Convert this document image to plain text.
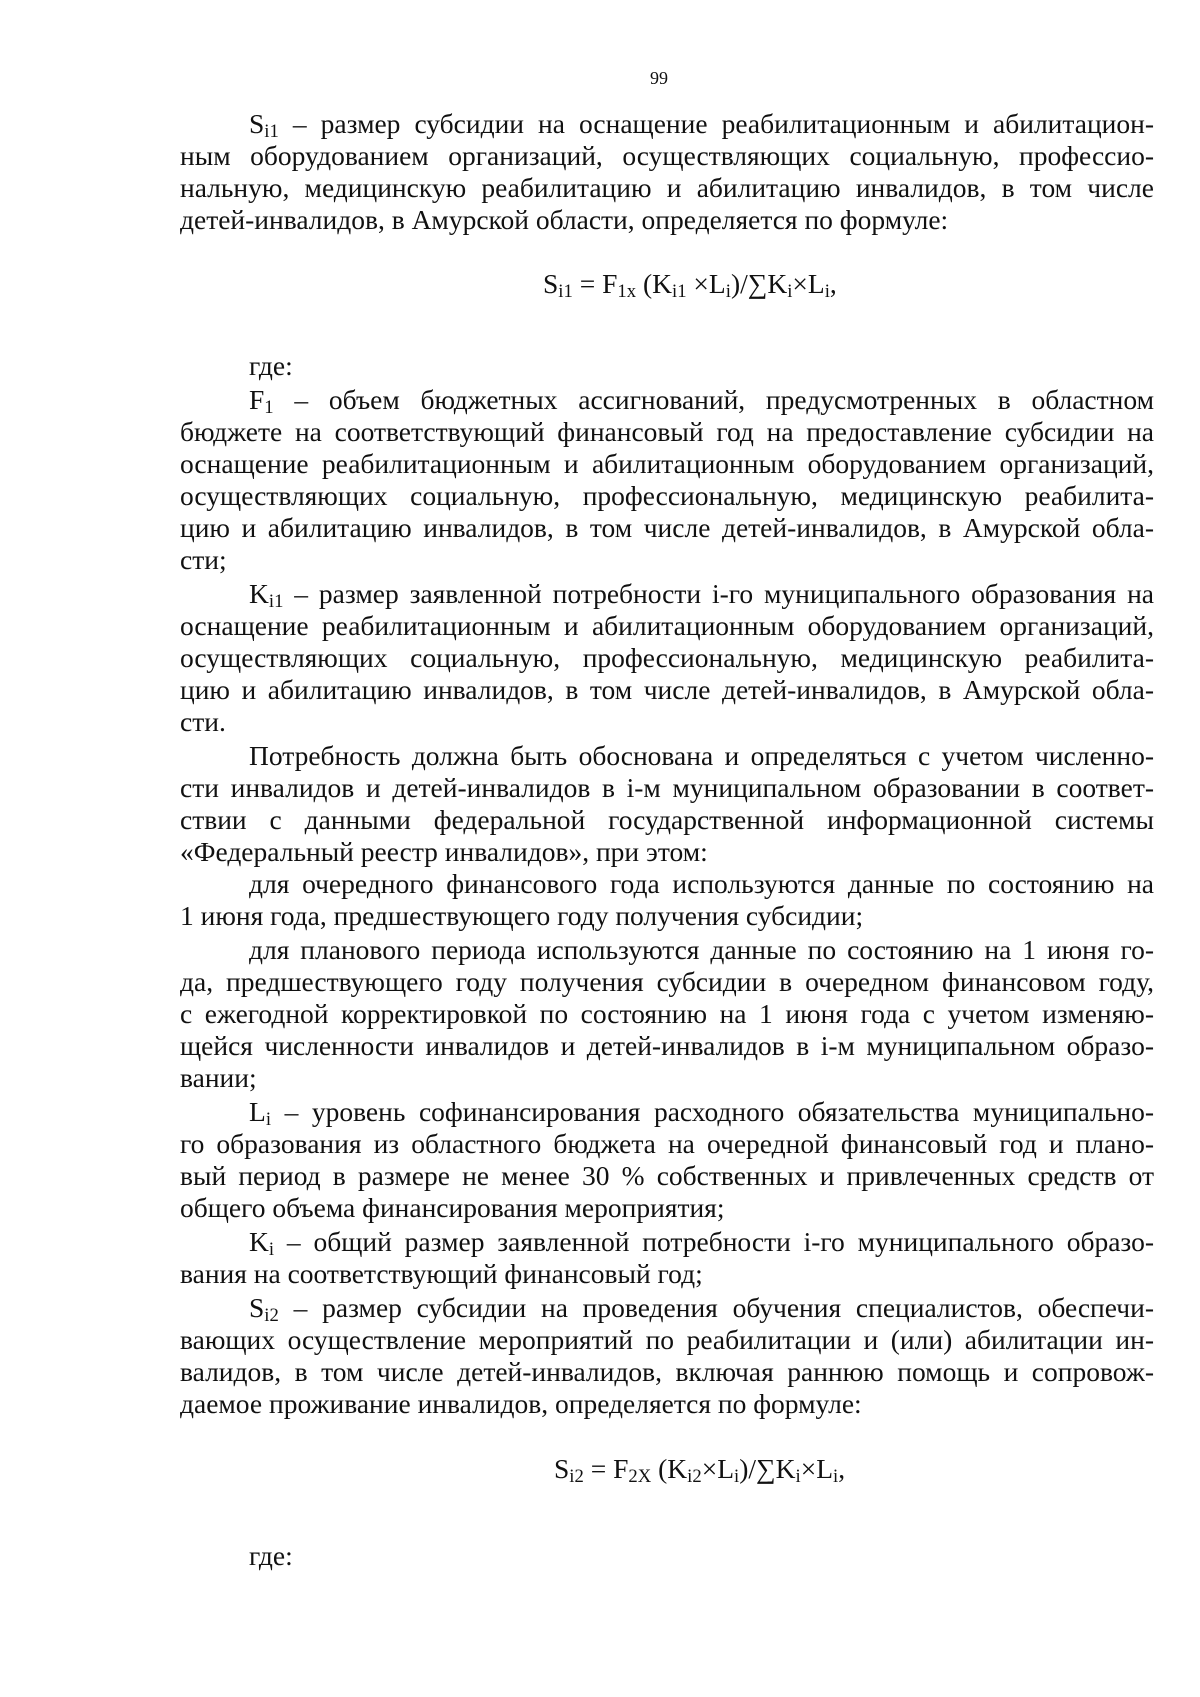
99

$S_{i1}$ – размер субсидии на оснащение реабилитационным и абилитацион-

ным оборудованием организаций, осуществляющих социальную, профессио-

нальную, медицинскую реабилитацию и абилитацию инвалидов, в том числе

детей-инвалидов, в Амурской области, определяется по формуле:

$S_{i1} = F_{1x}$ $(K_{i1} \times L_i)/\sum K_i\times L_i$,

где:

$F_1$ – объем бюджетных ассигнований, предусмотренных в областном

бюджете на соответствующий финансовый год на предоставление субсидии на

оснащение реабилитационным и абилитационным оборудованием организаций,

осуществляющих социальную, профессиональную, медицинскую реабилита-

цию и абилитацию инвалидов, в том числе детей-инвалидов, в Амурской обла-

сти;

$K_{i1}$ – размер заявленной потребности i-го муниципального образования на

оснащение реабилитационным и абилитационным оборудованием организаций,

осуществляющих социальную, профессиональную, медицинскую реабилита-

цию и абилитацию инвалидов, в том числе детей-инвалидов, в Амурской обла-

сти.

Потребность должна быть обоснована и определяться с учетом численно-

сти инвалидов и детей-инвалидов в i-м муниципальном образовании в соответ-

ствии с данными федеральной государственной информационной системы

«Федеральный реестр инвалидов», при этом:

для очередного финансового года используются данные по состоянию на

1 июня года, предшествующего году получения субсидии;

для планового периода используются данные по состоянию на 1 июня го-

да, предшествующего году получения субсидии в очередном финансовом году,

с ежегодной корректировкой по состоянию на 1 июня года с учетом изменяю-

щейся численности инвалидов и детей-инвалидов в i-м муниципальном образо-

вании;

$L_i$ – уровень софинансирования расходного обязательства муниципально-

го образования из областного бюджета на очередной финансовый год и плано-

вый период в размере не менее 30 % собственных и привлеченных средств от

общего объема финансирования мероприятия;

$K_i$ – общий размер заявленной потребности i-го муниципального образо-

вания на соответствующий финансовый год;

$S_{i2}$ – размер субсидии на проведения обучения специалистов, обеспечи-

вающих осуществление мероприятий по реабилитации и (или) абилитации ин-

валидов, в том числе детей-инвалидов, включая раннюю помощь и сопровож-

даемое проживание инвалидов, определяется по формуле:

$S_{i2} = F_{2X}$ $(K_{i2}\times L_i)/\sum K_i\times L_i$,

где:
